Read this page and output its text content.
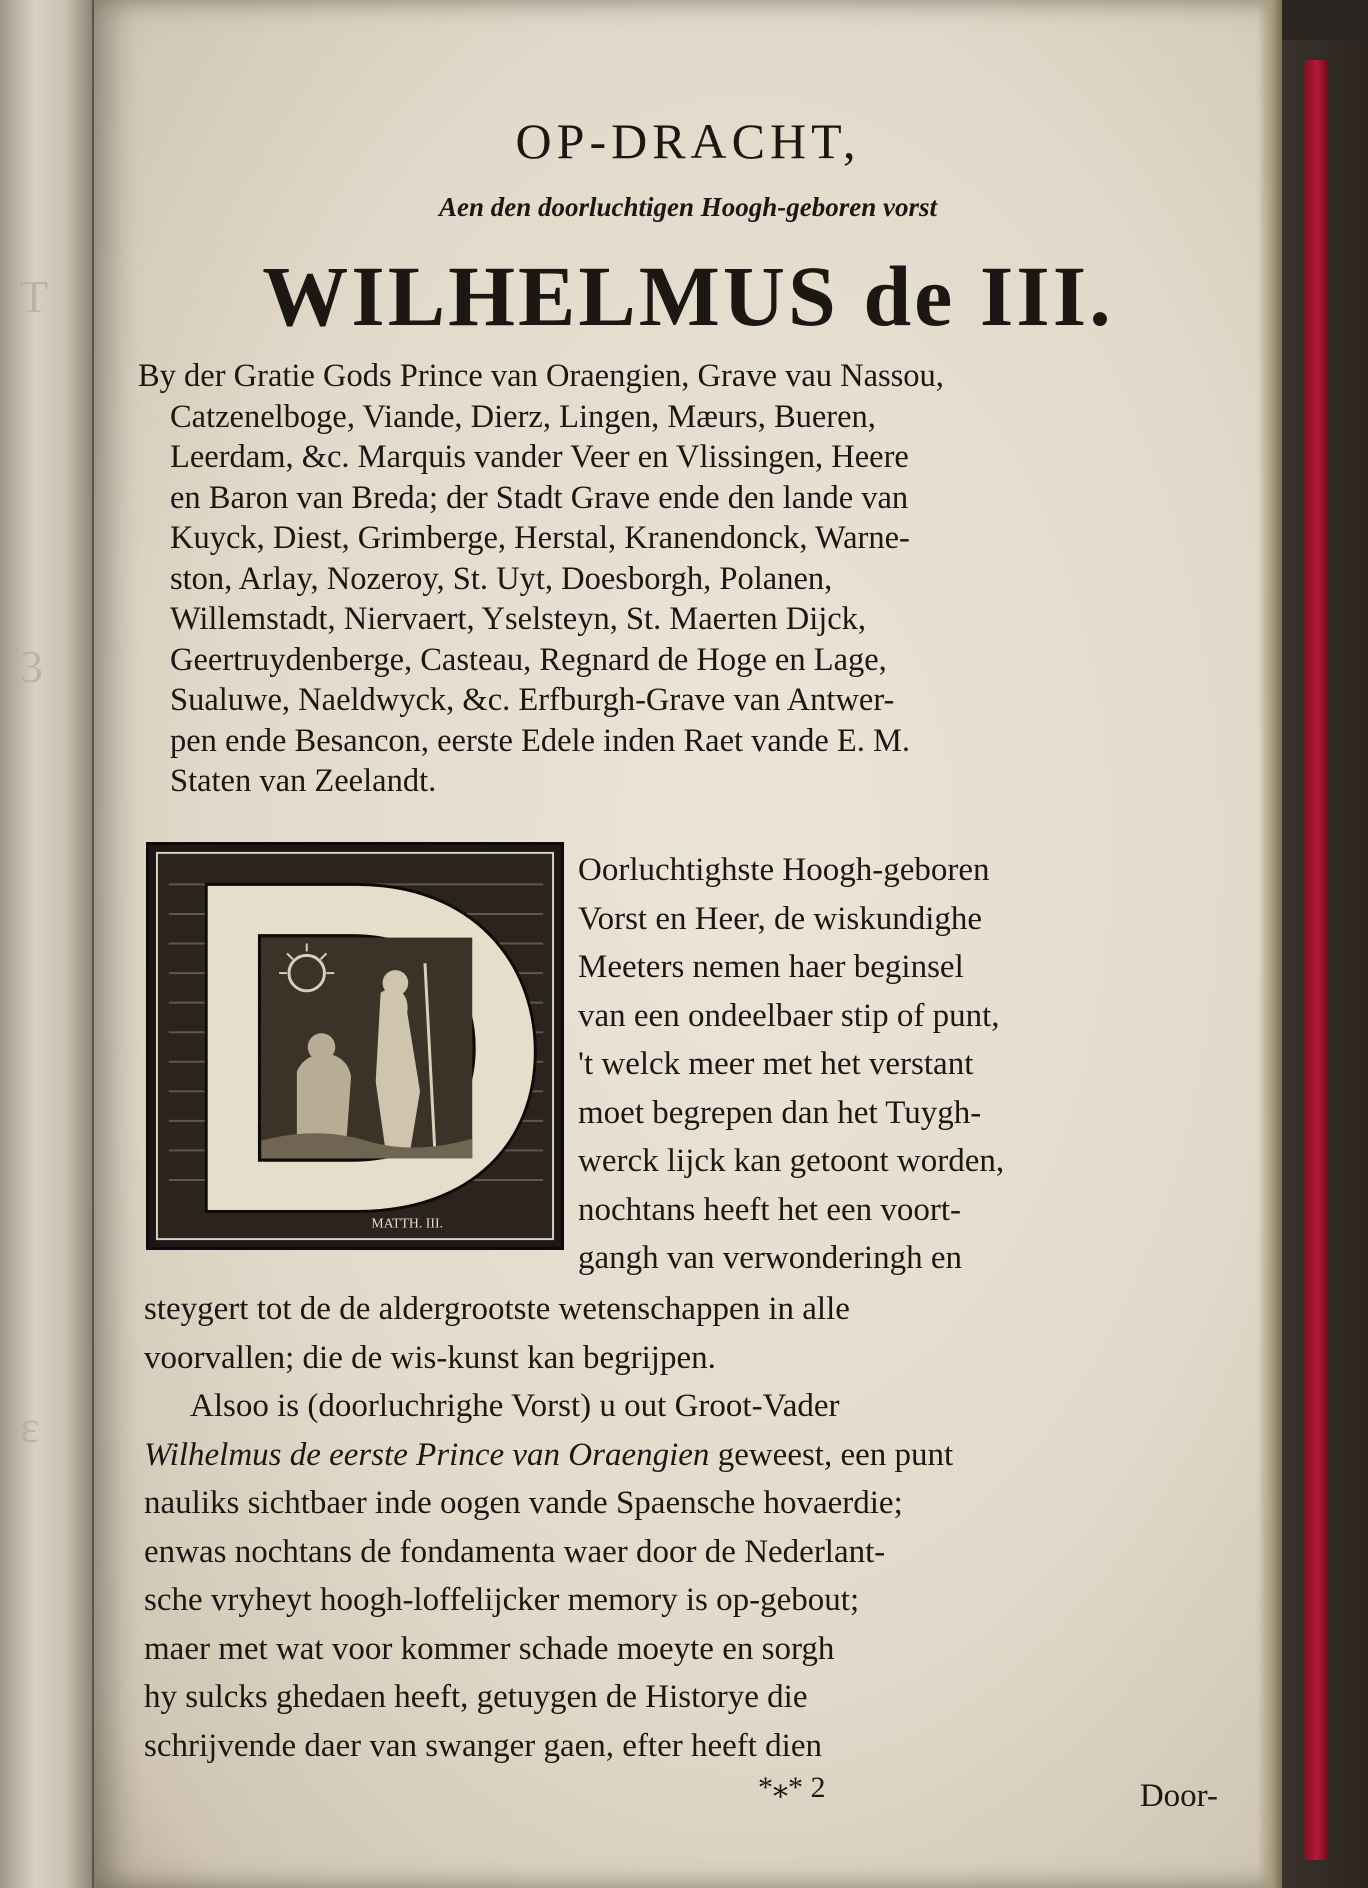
T
3
ε
OP-DRACHT,
Aen den doorluchtigen Hoogh-geboren vorst
WILHELMUS de III.

By der Gratie Gods Prince van Oraengien, Grave vau Nassou,
Catzenelboge, Viande, Dierz, Lingen, Mæurs, Bueren,
Leerdam, &c. Marquis vander Veer en Vlissingen, Heere
en Baron van Breda; der Stadt Grave ende den lande van
Kuyck, Diest, Grimberge, Herstal, Kranendonck, Warne-
ston, Arlay, Nozeroy, St. Uyt, Doesborgh, Polanen,
Willemstadt, Niervaert, Yselsteyn, St. Maerten Dijck,
Geertruydenberge, Casteau, Regnard de Hoge en Lage,
Sualuwe, Naeldwyck, &c. Erfburgh-Grave van Antwer-
pen ende Besancon, eerste Edele inden Raet vande E. M.
Staten van Zeelandt.

MATTH. III.

Oorluchtighste Hoogh-geboren
Vorst en Heer, de wiskundighe
Meeters nemen haer beginsel
van een ondeelbaer stip of punt,
't welck meer met het verstant
moet begrepen dan het Tuygh-
werck lijck kan getoont worden,
nochtans heeft het een voort-
gangh van verwonderingh en

steygert tot de de aldergrootste wetenschappen in alle
voorvallen; die de wis-kunst kan begrijpen.
Alsoo is (doorluchrighe Vorst) u out Groot-Vader
Wilhelmus de eerste Prince van Oraengien geweest, een punt
nauliks sichtbaer inde oogen vande Spaensche hovaerdie;
enwas nochtans de fondamenta waer door de Nederlant-
sche vryheyt hoogh-loffelijcker memory is op-gebout;
maer met wat voor kommer schade moeyte en sorgh
hy sulcks ghedaen heeft, getuygen de Historye die
schrijvende daer van swanger gaen, efter heeft dien

*⁎* 2	Door-
